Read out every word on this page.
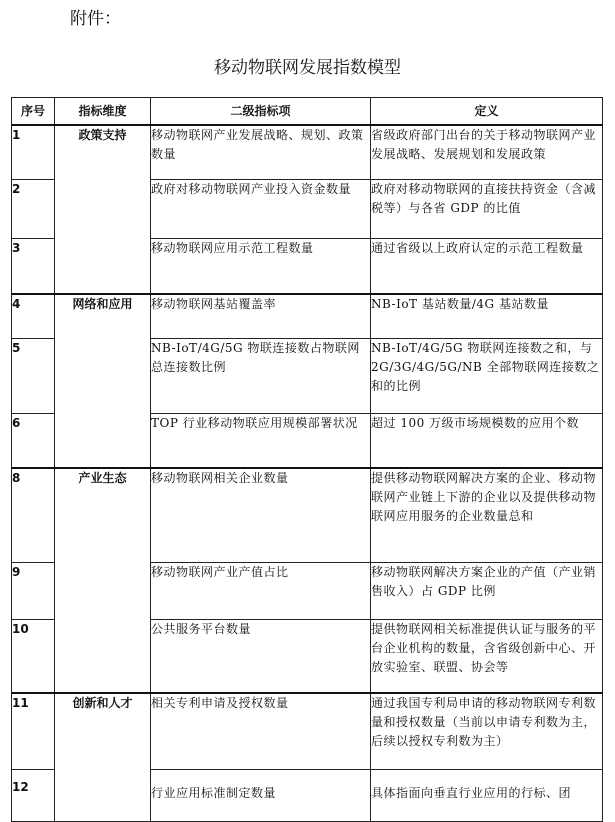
附件：
移动物联网发展指数模型
序号	指标维度	二级指标项	定义
1	政策支持	移动物联网产业发展战略、规划、政策数量	省级政府部门出台的关于移动物联网产业发展战略、发展规划和发展政策
2		政府对移动物联网产业投入资金数量	政府对移动物联网的直接扶持资金（含减税等）与各省 GDP 的比值
3		移动物联网应用示范工程数量	通过省级以上政府认定的示范工程数量
4	网络和应用	移动物联网基站覆盖率	NB-IoT 基站数量/4G 基站数量
5		NB-IoT/4G/5G 物联连接数占物联网总连接数比例	NB-IoT/4G/5G 物联网连接数之和，与 2G/3G/4G/5G/NB 全部物联网连接数之和的比例
6		TOP 行业移动物联应用规模部署状况	超过 100 万级市场规模数的应用个数
8	产业生态	移动物联网相关企业数量	提供移动物联网解决方案的企业、移动物联网产业链上下游的企业以及提供移动物联网应用服务的企业数量总和
9		移动物联网产业产值占比	移动物联网解决方案企业的产值（产业销售收入）占 GDP 比例
10		公共服务平台数量	提供物联网相关标准提供认证与服务的平台企业机构的数量，含省级创新中心、开放实验室、联盟、协会等
11	创新和人才	相关专利申请及授权数量	通过我国专利局申请的移动物联网专利数量和授权数量（当前以申请专利数为主，后续以授权专利数为主）
12		行业应用标准制定数量	具体指面向垂直行业应用的行标、团
